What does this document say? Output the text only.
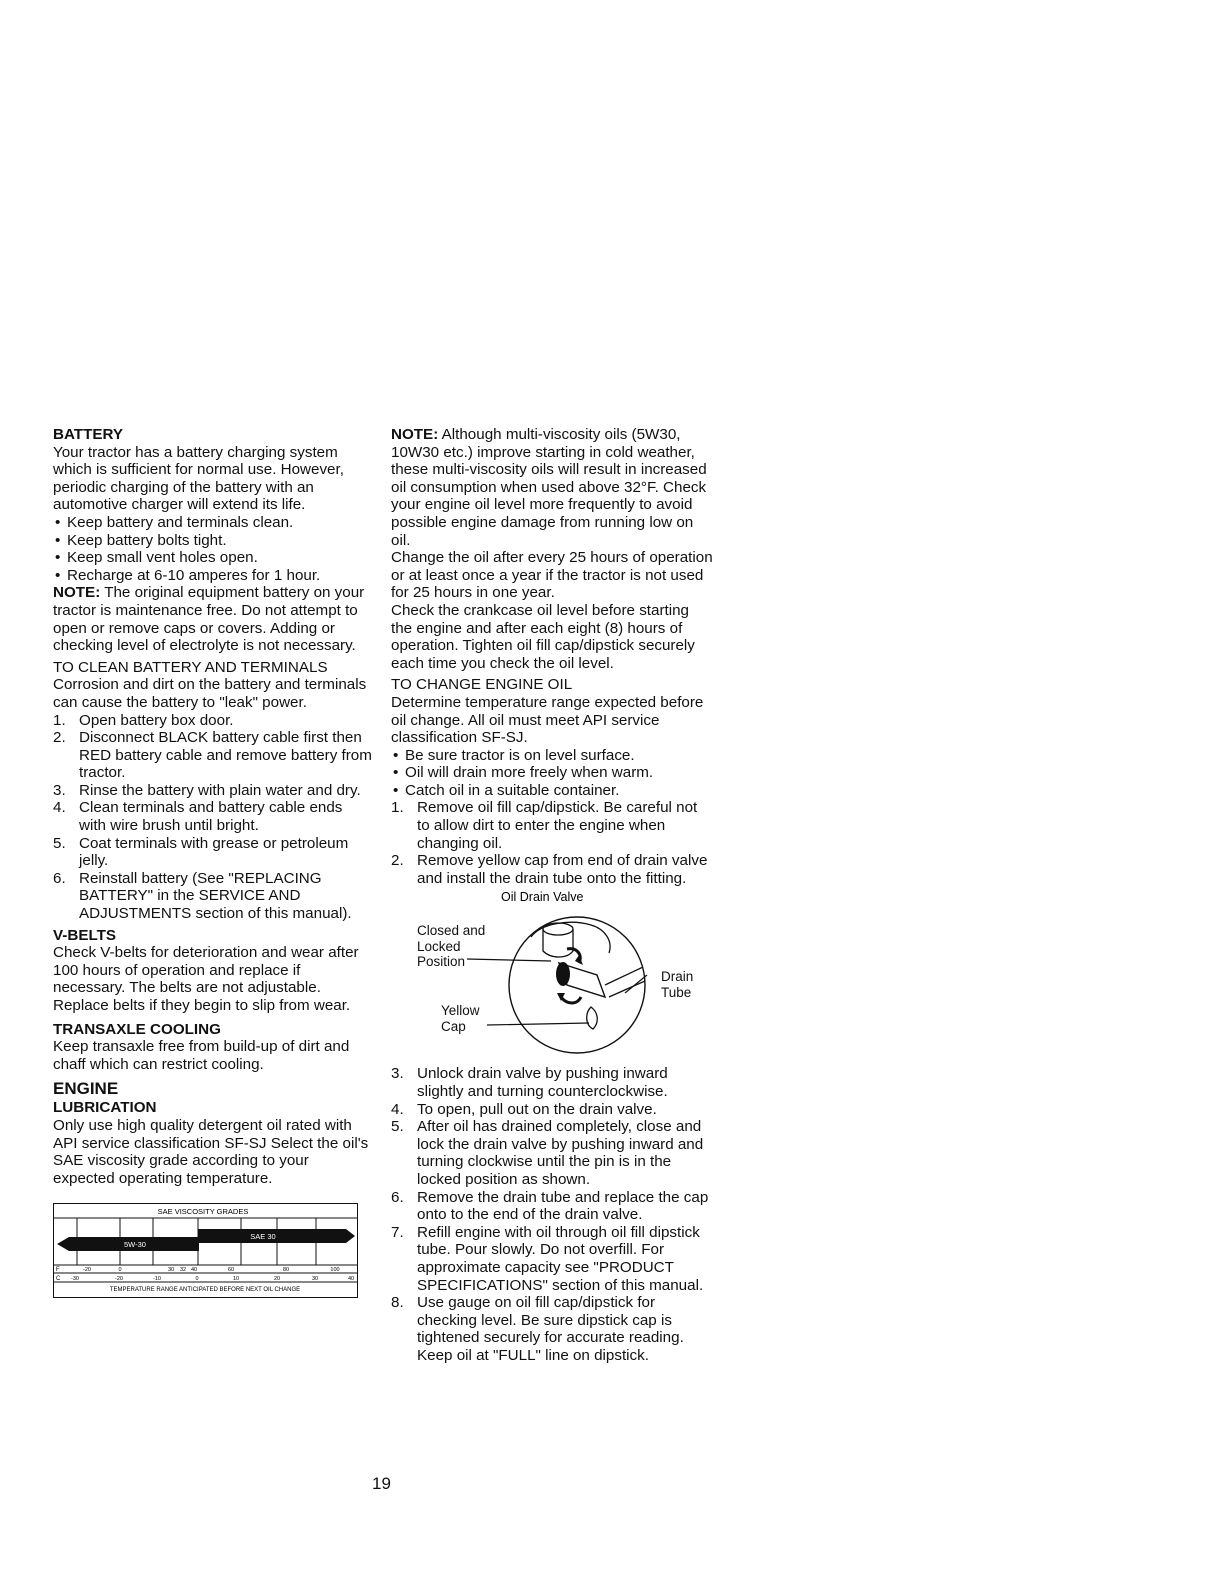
BATTERY

Your tractor has a battery charging system which is sufficient for normal use. However, periodic charging of the battery with an automotive charger will extend its life.

• Keep battery and terminals clean.
• Keep battery bolts tight.
• Keep small vent holes open.
• Recharge at 6-10 amperes for 1 hour.

NOTE: The original equipment battery on your tractor is maintenance free. Do not attempt to open or remove caps or covers. Adding or checking level of electrolyte is not necessary.

TO CLEAN BATTERY AND TERMINALS

Corrosion and dirt on the battery and terminals can cause the battery to "leak" power.

1. Open battery box door.
2. Disconnect BLACK battery cable first then RED battery cable and remove battery from tractor.
3. Rinse the battery with plain water and dry.
4. Clean terminals and battery cable ends with wire brush until bright.
5. Coat terminals with grease or petroleum jelly.
6. Reinstall battery (See "REPLACING BATTERY" in the SERVICE AND ADJUSTMENTS section of this manual).

V-BELTS

Check V-belts for deterioration and wear after 100 hours of operation and replace if necessary. The belts are not adjustable. Replace belts if they begin to slip from wear.

TRANSAXLE COOLING

Keep transaxle free from build-up of dirt and chaff which can restrict cooling.

ENGINE

LUBRICATION

Only use high quality detergent oil rated with API service classification SF-SJ Select the oil's SAE viscosity grade according to your expected operating temperature.

SAE VISCOSITY GRADES
SAE 30
5W-30
F	-20	0	30 32 40	60	80	100
C -30	-20	-10	0	10	20	30	40
TEMPERATURE RANGE ANTICIPATED BEFORE NEXT OIL CHANGE

NOTE: Although multi-viscosity oils (5W30, 10W30 etc.) improve starting in cold weather, these multi-viscosity oils will result in increased oil consumption when used above 32°F. Check your engine oil level more frequently to avoid possible engine damage from running low on oil.

Change the oil after every 25 hours of operation or at least once a year if the tractor is not used for 25 hours in one year.

Check the crankcase oil level before starting the engine and after each eight (8) hours of operation. Tighten oil fill cap/dipstick securely each time you check the oil level.

TO CHANGE ENGINE OIL

Determine temperature range expected before oil change. All oil must meet API service classification SF-SJ.

• Be sure tractor is on level surface.
• Oil will drain more freely when warm.
• Catch oil in a suitable container.
1. Remove oil fill cap/dipstick. Be careful not to allow dirt to enter the engine when changing oil.
2. Remove yellow cap from end of drain valve and install the drain tube onto the fitting.
Oil Drain Valve
Closed and
Locked
Position
Drain
Tube
Yellow
Cap
3. Unlock drain valve by pushing inward slightly and turning counterclockwise.
4. To open, pull out on the drain valve.
5. After oil has drained completely, close and lock the drain valve by pushing inward and turning clockwise until the pin is in the locked position as shown.
6. Remove the drain tube and replace the cap onto to the end of the drain valve.
7. Refill engine with oil through oil fill dipstick tube. Pour slowly. Do not overfill. For approximate capacity see "PRODUCT SPECIFICATIONS" section of this manual.
8. Use gauge on oil fill cap/dipstick for checking level. Be sure dipstick cap is tightened securely for accurate reading. Keep oil at "FULL" line on dipstick.
19
